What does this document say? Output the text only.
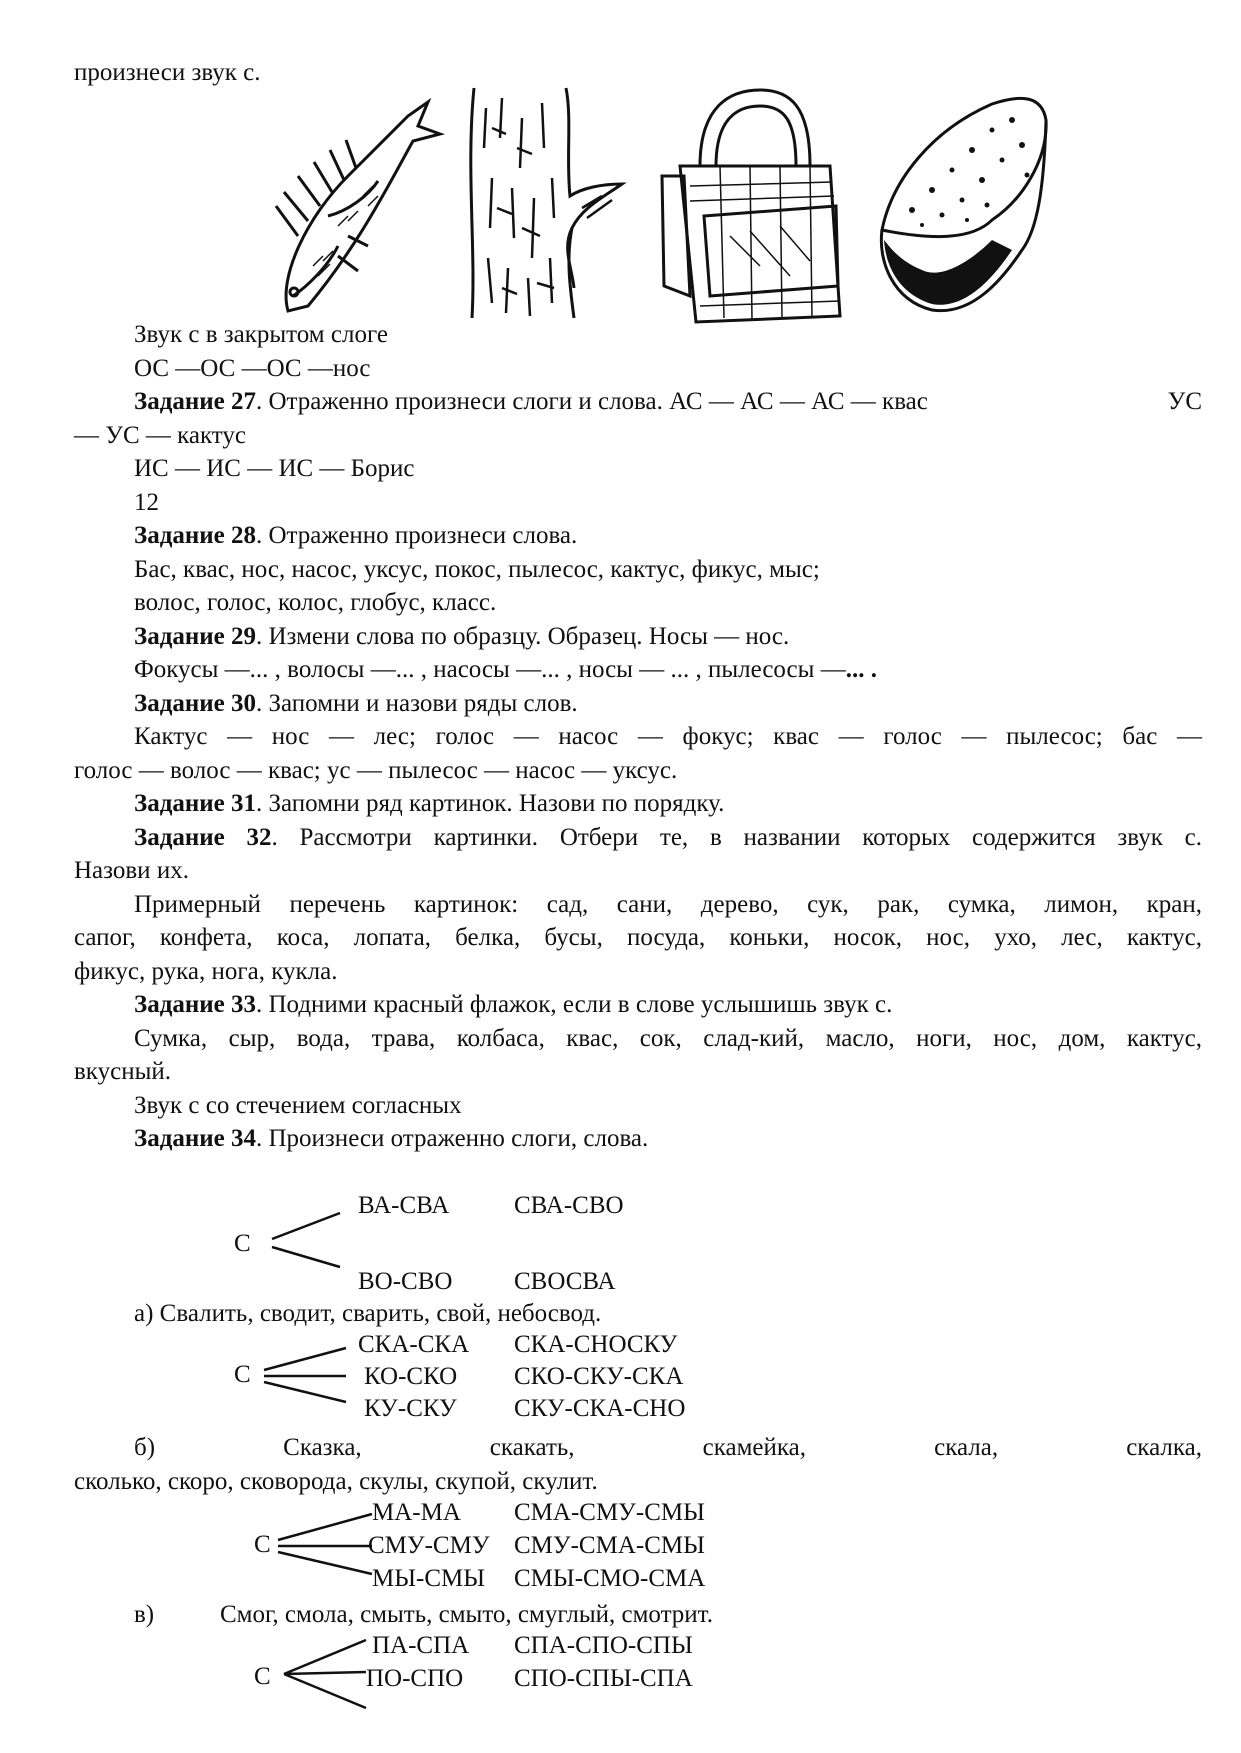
произнеси звук с.
Звук с в закрытом слоге
ОС —ОС —ОС —нос
Задание 27. Отраженно произнеси слоги и слова. АС — АС — АС — квас	УС
— УС — кактус
ИС — ИС — ИС — Борис
12
Задание 28. Отраженно произнеси слова.
Бас, квас, нос, насос, уксус, покос, пылесос, кактус, фикус, мыс;
волос, голос, колос, глобус, класс.
Задание 29. Измени слова по образцу. Образец. Носы — нос.
Фокусы —... , волосы —... , насосы —... , носы — ... , пылесосы —... .
Задание 30. Запомни и назови ряды слов.
Кактус — нос — лес; голос — насос — фокус; квас — голос — пылесос; бас —
голос — волос — квас; ус — пылесос — насос — уксус.
Задание 31. Запомни ряд картинок. Назови по порядку.
Задание 32. Рассмотри картинки. Отбери те, в названии которых содержится звук с.
Назови их.
Примерный перечень картинок: сад, сани, дерево, сук, рак, сумка, лимон, кран,
сапог, конфета, коса, лопата, белка, бусы, посуда, коньки, носок, нос, ухо, лес, кактус,
фикус, рука, нога, кукла.
Задание 33. Подними красный флажок, если в слове услышишь звук с.
Сумка, сыр, вода, трава, колбаса, квас, сок, слад-кий, масло, ноги, нос, дом, кактус,
вкусный.
Звук с со стечением согласных
Задание 34. Произнеси отраженно слоги, слова.
С
ВА-СВА	СВА-СВО
ВО-СВО СВОСВА
а) Свалить, сводит, сварить, свой, небосвод.
С
СКА-СКА СКА-СНОСКУ
КО-СКО СКО-СКУ-СКА
КУ-СКУ СКУ-СКА-СНО
б)	Сказка,	скакать,	скамейка,	скала,	скалка,
сколько, скоро, сковорода, скулы, скупой, скулит.
С
МА-МА СМА-СМУ-СМЫ
СМУ-СМУ СМУ-СМА-СМЫ
МЫ-СМЫ СМЫ-СМО-СМА
в)	Смог, смола, смыть, смыто, смуглый, смотрит.
С
ПА-СПА СПА-СПО-СПЫ
ПО-СПО СПО-СПЫ-СПА
